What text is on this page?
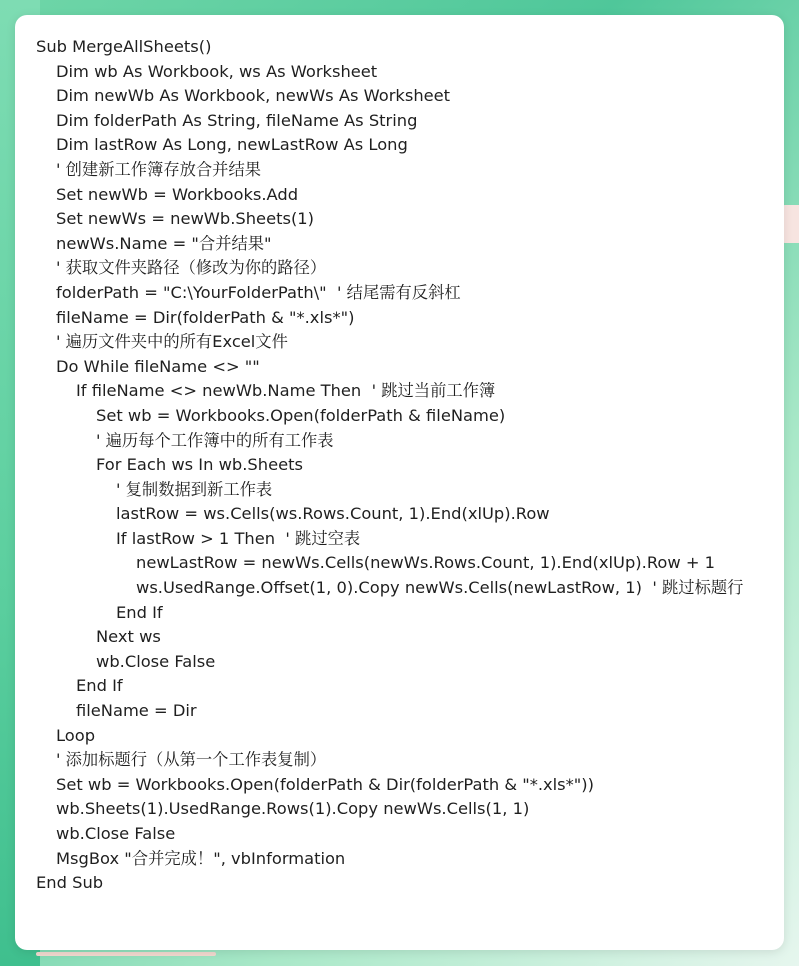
Sub MergeAllSheets()
Dim wb As Workbook, ws As Worksheet
Dim newWb As Workbook, newWs As Worksheet
Dim folderPath As String, fileName As String
Dim lastRow As Long, newLastRow As Long
' 创建新工作簿存放合并结果
Set newWb = Workbooks.Add
Set newWs = newWb.Sheets(1)
newWs.Name = "合并结果"
' 获取文件夹路径（修改为你的路径）
folderPath = "C:\YourFolderPath\"  ' 结尾需有反斜杠
fileName = Dir(folderPath & "*.xls*")
' 遍历文件夹中的所有Excel文件
Do While fileName <> ""
If fileName <> newWb.Name Then  ' 跳过当前工作簿
Set wb = Workbooks.Open(folderPath & fileName)
' 遍历每个工作簿中的所有工作表
For Each ws In wb.Sheets
' 复制数据到新工作表
lastRow = ws.Cells(ws.Rows.Count, 1).End(xlUp).Row
If lastRow > 1 Then  ' 跳过空表
newLastRow = newWs.Cells(newWs.Rows.Count, 1).End(xlUp).Row + 1
ws.UsedRange.Offset(1, 0).Copy newWs.Cells(newLastRow, 1)  ' 跳过标题行
End If
Next ws
wb.Close False
End If
fileName = Dir
Loop
' 添加标题行（从第一个工作表复制）
Set wb = Workbooks.Open(folderPath & Dir(folderPath & "*.xls*"))
wb.Sheets(1).UsedRange.Rows(1).Copy newWs.Cells(1, 1)
wb.Close False
MsgBox "合并完成！", vbInformation
End Sub
